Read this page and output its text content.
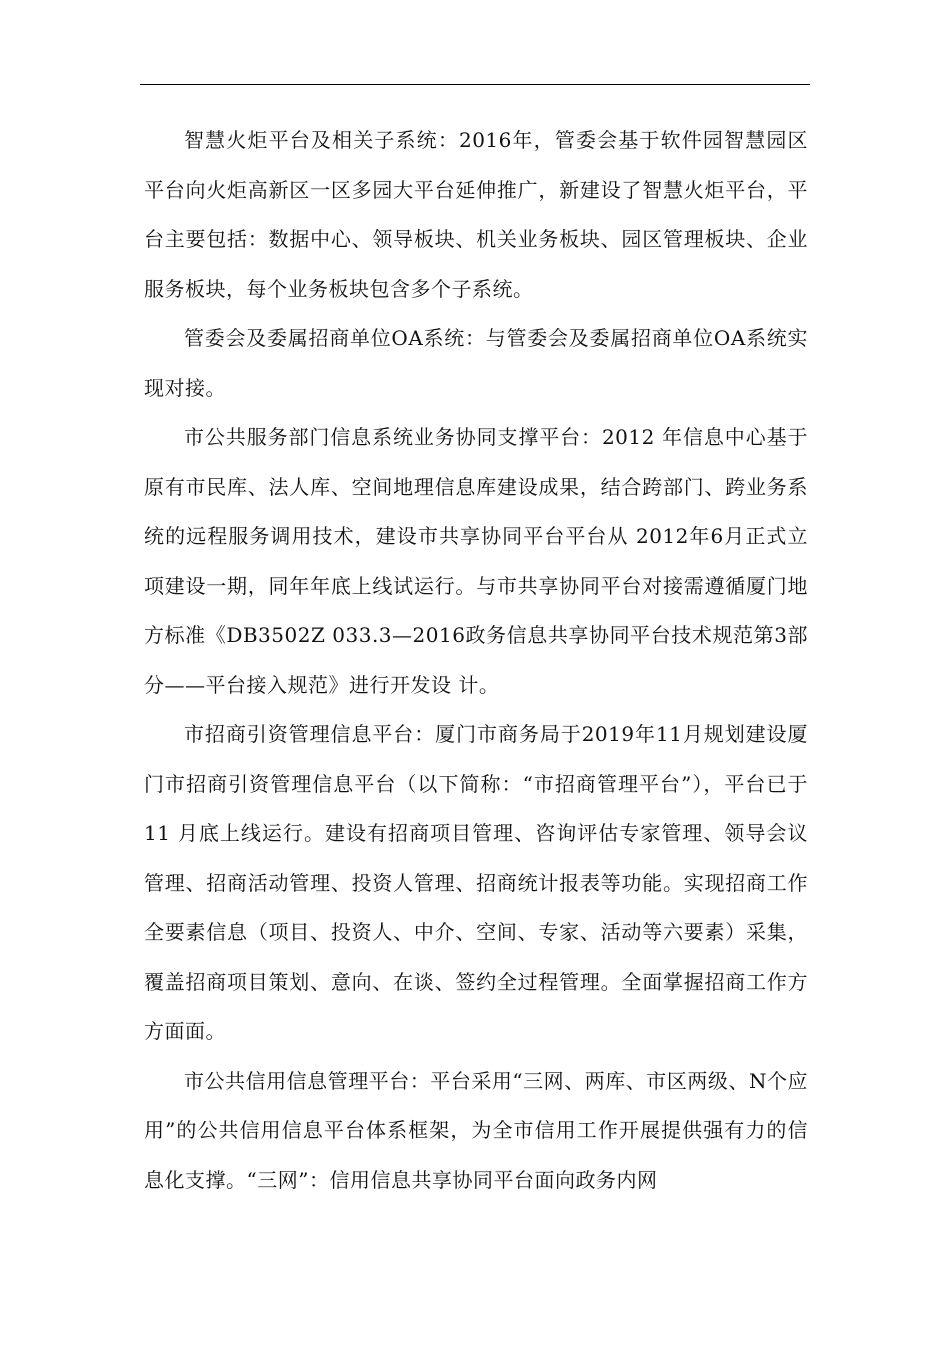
智慧火炬平台及相关子系统：2016年，管委会基于软件园智慧园区平台向火炬高新区一区多园大平台延伸推广，新建设了智慧火炬平台，平台主要包括：数据中心、领导板块、机关业务板块、园区管理板块、企业服务板块，每个业务板块包含多个子系统。

管委会及委属招商单位OA系统：与管委会及委属招商单位OA系统实现对接。

市公共服务部门信息系统业务协同支撑平台：2012 年信息中心基于原有市民库、法人库、空间地理信息库建设成果，结合跨部门、跨业务系统的远程服务调用技术，建设市共享协同平台平台从 2012年6月正式立项建设一期，同年年底上线试运行。与市共享协同平台对接需遵循厦门地方标准《DB3502Z 033.3—2016政务信息共享协同平台技术规范第3部分——平台接入规范》进行开发设 计。

市招商引资管理信息平台：厦门市商务局于2019年11月规划建设厦门市招商引资管理信息平台（以下简称：“市招商管理平台”），平台已于 11 月底上线运行。建设有招商项目管理、咨询评估专家管理、领导会议管理、招商活动管理、投资人管理、招商统计报表等功能。实现招商工作全要素信息（项目、投资人、中介、空间、专家、活动等六要素）采集，覆盖招商项目策划、意向、在谈、签约全过程管理。全面掌握招商工作方方面面。

市公共信用信息管理平台：平台采用“三网、两库、市区两级、N个应用”的公共信用信息平台体系框架，为全市信用工作开展提供强有力的信息化支撑。“三网”：信用信息共享协同平台面向政务内网
